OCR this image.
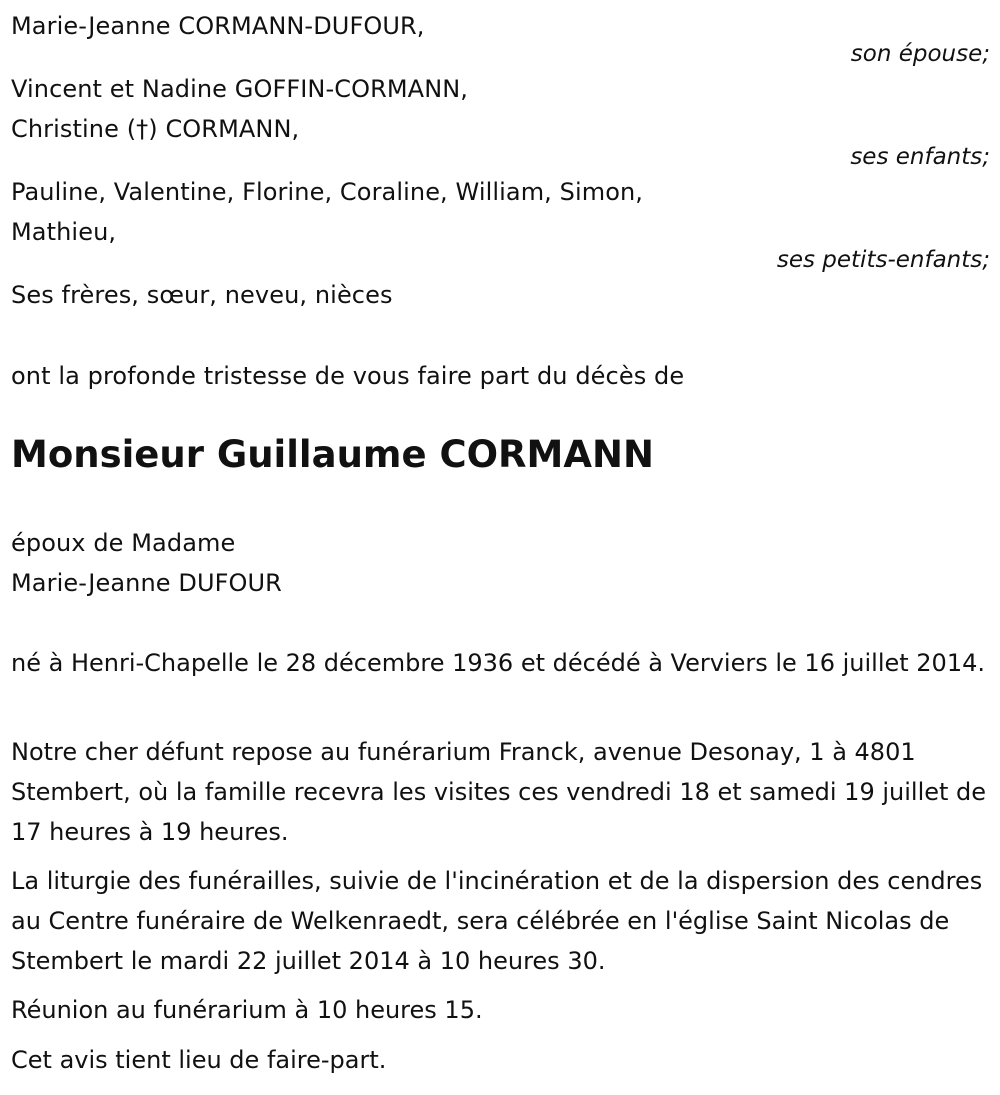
Marie-Jeanne CORMANN-DUFOUR,
son épouse;
Vincent et Nadine GOFFIN-CORMANN,
Christine (†) CORMANN,
ses enfants;
Pauline, Valentine, Florine, Coraline, William, Simon,
Mathieu,
ses petits-enfants;
Ses frères, sœur, neveu, nièces
ont la profonde tristesse de vous faire part du décès de
Monsieur Guillaume CORMANN
époux de Madame
Marie-Jeanne DUFOUR
né à Henri-Chapelle le 28 décembre 1936 et décédé à Verviers le 16 juillet 2014.
Notre cher défunt repose au funérarium Franck, avenue Desonay, 1 à 4801 Stembert, où la famille recevra les visites ces vendredi 18 et samedi 19 juillet de 17 heures à 19 heures.
La liturgie des funérailles, suivie de l'incinération et de la dispersion des cendres au Centre funéraire de Welkenraedt, sera célébrée en l'église Saint Nicolas de Stembert le mardi 22 juillet 2014 à 10 heures 30.
Réunion au funérarium à 10 heures 15.
Cet avis tient lieu de faire-part.
